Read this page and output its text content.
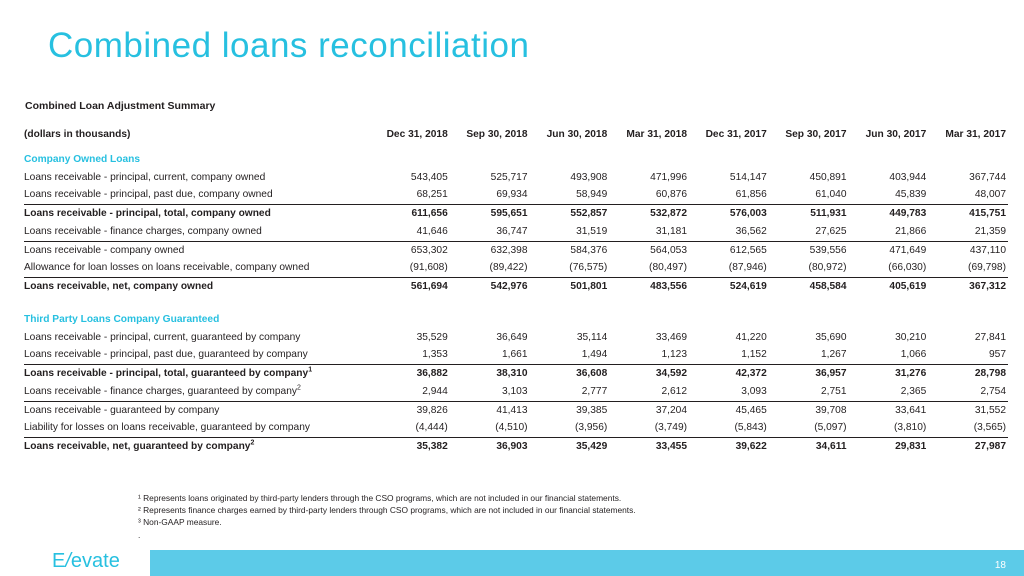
Combined loans reconciliation
Combined Loan Adjustment Summary
(dollars in thousands)	Dec 31, 2018	Sep 30, 2018	Jun 30, 2018	Mar 31, 2018	Dec 31, 2017	Sep 30, 2017	Jun 30, 2017	Mar 31, 2017
Company Owned Loans								
Loans receivable - principal, current, company owned	543,405	525,717	493,908	471,996	514,147	450,891	403,944	367,744
Loans receivable - principal, past due, company owned	68,251	69,934	58,949	60,876	61,856	61,040	45,839	48,007
Loans receivable - principal, total, company owned	611,656	595,651	552,857	532,872	576,003	511,931	449,783	415,751
Loans receivable - finance charges, company owned	41,646	36,747	31,519	31,181	36,562	27,625	21,866	21,359
Loans receivable - company owned	653,302	632,398	584,376	564,053	612,565	539,556	471,649	437,110
Allowance for loan losses on loans receivable, company owned	(91,608)	(89,422)	(76,575)	(80,497)	(87,946)	(80,972)	(66,030)	(69,798)
Loans receivable, net, company owned	561,694	542,976	501,801	483,556	524,619	458,584	405,619	367,312

Third Party Loans Company Guaranteed								
Loans receivable - principal, current, guaranteed by company	35,529	36,649	35,114	33,469	41,220	35,690	30,210	27,841
Loans receivable - principal, past due, guaranteed by company	1,353	1,661	1,494	1,123	1,152	1,267	1,066	957
Loans receivable - principal, total, guaranteed by company$^1$	36,882	38,310	36,608	34,592	42,372	36,957	31,276	28,798
Loans receivable - finance charges, guaranteed by company$^2$	2,944	3,103	2,777	2,612	3,093	2,751	2,365	2,754
Loans receivable - guaranteed by company	39,826	41,413	39,385	37,204	45,465	39,708	33,641	31,552
Liability for losses on loans receivable, guaranteed by company	(4,444)	(4,510)	(3,956)	(3,749)	(5,843)	(5,097)	(3,810)	(3,565)
Loans receivable, net, guaranteed by company$^2$	35,382	36,903	35,429	33,455	39,622	34,611	29,831	27,987
¹ Represents loans originated by third-party lenders through the CSO programs, which are not included in our financial statements.
² Represents finance charges earned by third-party lenders through CSO programs, which are not included in our financial statements.
³ Non-GAAP measure.
.
E/evate	18
